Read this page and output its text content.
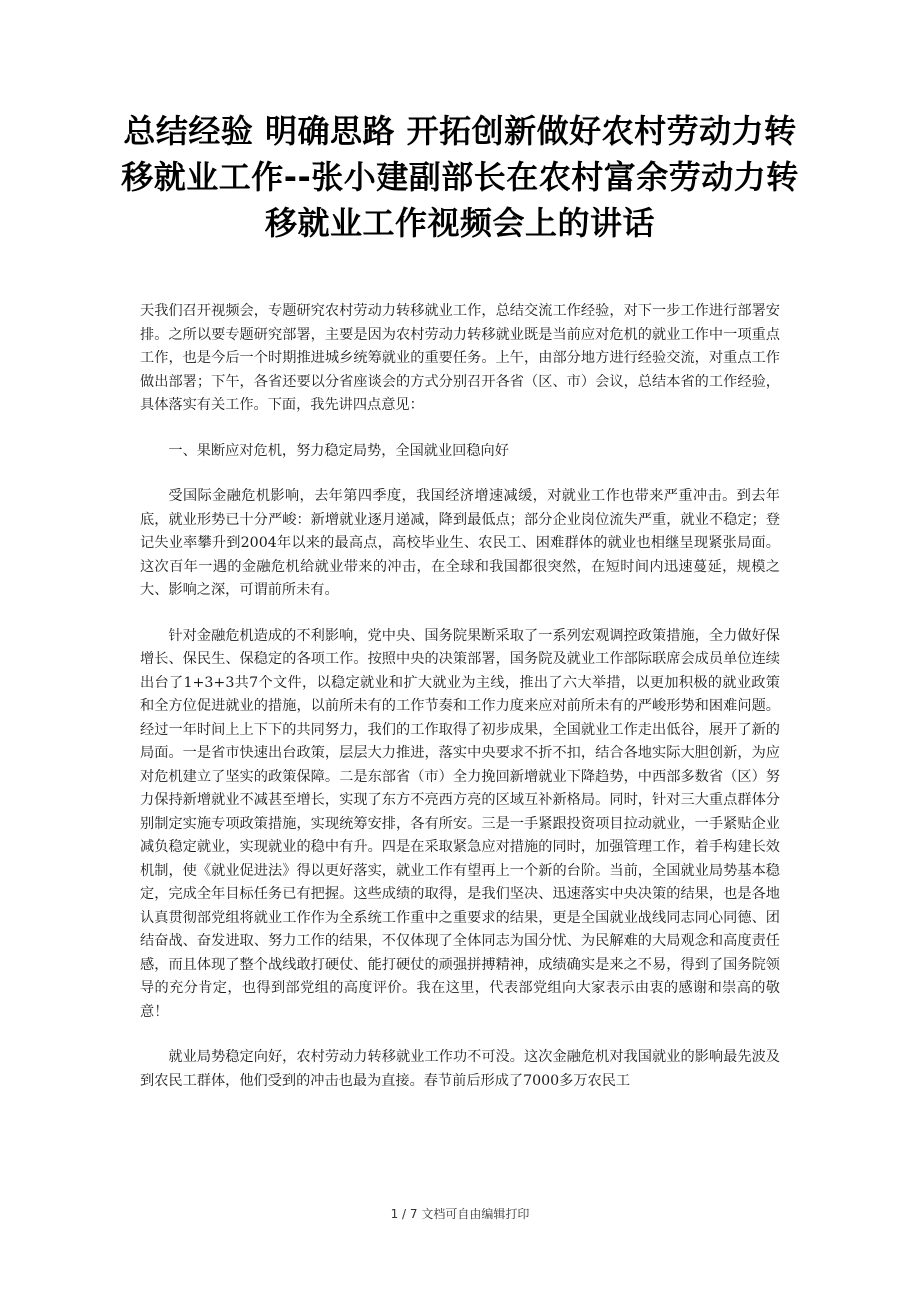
总结经验 明确思路 开拓创新做好农村劳动力转移就业工作--张小建副部长在农村富余劳动力转移就业工作视频会上的讲话

天我们召开视频会，专题研究农村劳动力转移就业工作，总结交流工作经验，对下一步工作进行部署安排。之所以要专题研究部署，主要是因为农村劳动力转移就业既是当前应对危机的就业工作中一项重点工作，也是今后一个时期推进城乡统筹就业的重要任务。上午，由部分地方进行经验交流，对重点工作做出部署；下午，各省还要以分省座谈会的方式分别召开各省（区、市）会议，总结本省的工作经验，具体落实有关工作。下面，我先讲四点意见：

一、果断应对危机，努力稳定局势，全国就业回稳向好

受国际金融危机影响，去年第四季度，我国经济增速减缓，对就业工作也带来严重冲击。到去年底，就业形势已十分严峻：新增就业逐月递减，降到最低点；部分企业岗位流失严重，就业不稳定；登记失业率攀升到2004年以来的最高点，高校毕业生、农民工、困难群体的就业也相继呈现紧张局面。这次百年一遇的金融危机给就业带来的冲击，在全球和我国都很突然，在短时间内迅速蔓延，规模之大、影响之深，可谓前所未有。

针对金融危机造成的不利影响，党中央、国务院果断采取了一系列宏观调控政策措施，全力做好保增长、保民生、保稳定的各项工作。按照中央的决策部署，国务院及就业工作部际联席会成员单位连续出台了1+3+3共7个文件，以稳定就业和扩大就业为主线，推出了六大举措，以更加积极的就业政策和全方位促进就业的措施，以前所未有的工作节奏和工作力度来应对前所未有的严峻形势和困难问题。经过一年时间上上下下的共同努力，我们的工作取得了初步成果，全国就业工作走出低谷，展开了新的局面。一是省市快速出台政策，层层大力推进，落实中央要求不折不扣，结合各地实际大胆创新，为应对危机建立了坚实的政策保障。二是东部省（市）全力挽回新增就业下降趋势，中西部多数省（区）努力保持新增就业不减甚至增长，实现了东方不亮西方亮的区域互补新格局。同时，针对三大重点群体分别制定实施专项政策措施，实现统筹安排，各有所安。三是一手紧跟投资项目拉动就业，一手紧贴企业减负稳定就业，实现就业的稳中有升。四是在采取紧急应对措施的同时，加强管理工作，着手构建长效机制，使《就业促进法》得以更好落实，就业工作有望再上一个新的台阶。当前，全国就业局势基本稳定，完成全年目标任务已有把握。这些成绩的取得，是我们坚决、迅速落实中央决策的结果，也是各地认真贯彻部党组将就业工作作为全系统工作重中之重要求的结果，更是全国就业战线同志同心同德、团结奋战、奋发进取、努力工作的结果，不仅体现了全体同志为国分忧、为民解难的大局观念和高度责任感，而且体现了整个战线敢打硬仗、能打硬仗的顽强拼搏精神，成绩确实是来之不易，得到了国务院领导的充分肯定，也得到部党组的高度评价。我在这里，代表部党组向大家表示由衷的感谢和崇高的敬意！

就业局势稳定向好，农村劳动力转移就业工作功不可没。这次金融危机对我国就业的影响最先波及到农民工群体，他们受到的冲击也最为直接。春节前后形成了7000多万农民工

1 / 7 文档可自由编辑打印
